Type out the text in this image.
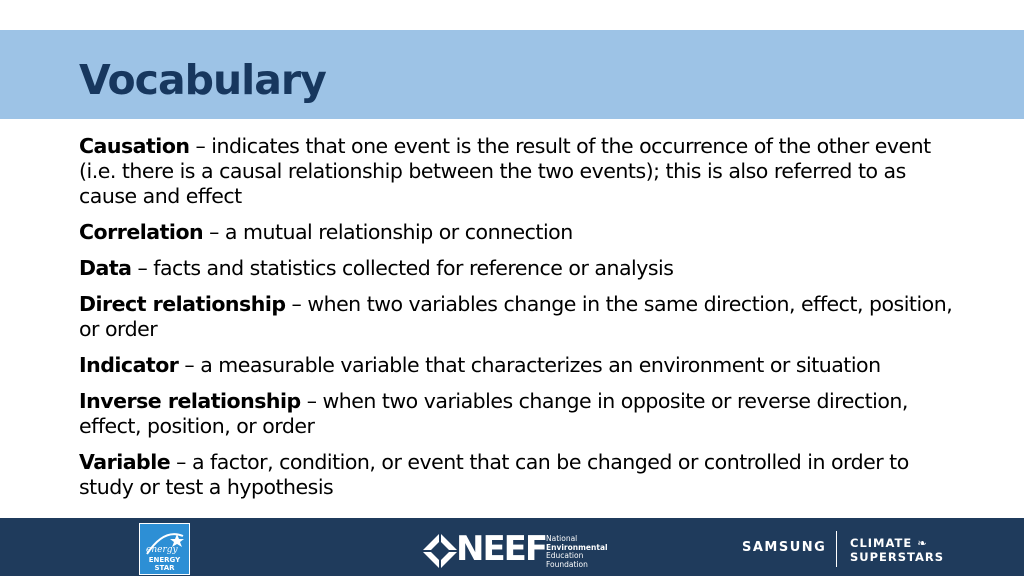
Vocabulary

Causation – indicates that one event is the result of the occurrence of the other event (i.e. there is a causal relationship between the two events); this is also referred to as cause and effect

Correlation – a mutual relationship or connection

Data – facts and statistics collected for reference or analysis

Direct relationship – when two variables change in the same direction, effect, position, or order

Indicator – a measurable variable that characterizes an environment or situation

Inverse relationship – when two variables change in opposite or reverse direction, effect, position, or order

Variable – a factor, condition, or event that can be changed or controlled in order to study or test a hypothesis

energy
ENERGY STAR	NEEF National
Environmental
Education
Foundation
SAMSUNG CLIMATE ❧
SUPERSTARS
